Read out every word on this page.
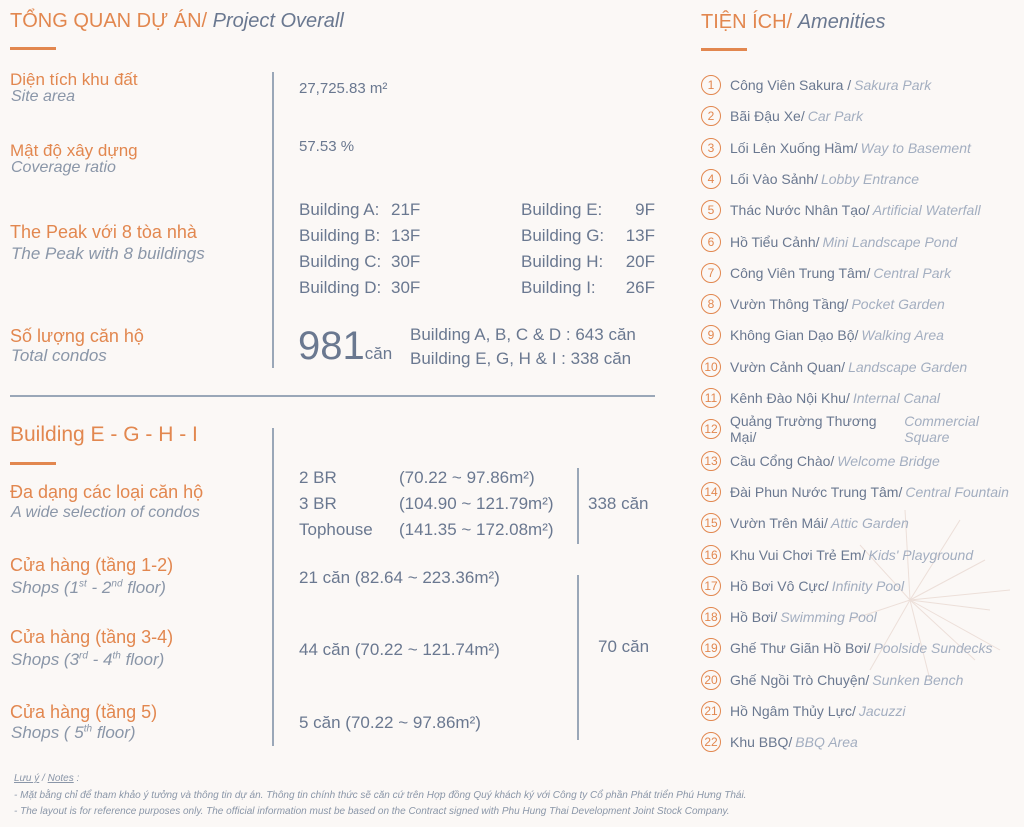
TỔNG QUAN DỰ ÁN/ Project Overall
Diện tích khu đất
Site area	27,725.83 m²
Mật độ xây dựng
Coverage ratio
57.53 %
The Peak với 8 tòa nhà
The Peak with 8 buildings
Building A: 21F
Building B: 13F
Building C: 30F
Building D: 30F
Building E:	9F
Building G:	13F
Building H:	20F
Building I:	26F
Số lượng căn hộ
Total condos	981căn
Building A, B, C & D : 643 căn
Building E, G, H & I : 338 căn
Building E - G - H - I
Đa dạng các loại căn hộ
A wide selection of condos
2 BR	(70.22 ~ 97.86m²)
3 BR	(104.90 ~ 121.79m²)
Tophouse	(141.35 ~ 172.08m²)
338 căn
Cửa hàng (tầng 1-2)
Shops (1st - 2nd floor)
21 căn (82.64 ~ 223.36m²)
Cửa hàng (tầng 3-4)
Shops (3rd - 4th floor)
44 căn (70.22 ~ 121.74m²)
Cửa hàng (tầng 5)
Shops ( 5th floor)
5 căn (70.22 ~ 97.86m²)
70 căn
Lưu ý / Notes :
- Mặt bằng chỉ để tham khảo ý tưởng và thông tin dự án. Thông tin chính thức sẽ căn cứ trên Hợp đồng Quý khách ký với Công ty Cổ phần Phát triển Phú Hưng Thái.
- The layout is for reference purposes only. The official information must be based on the Contract signed with Phu Hung Thai Development Joint Stock Company.
TIỆN ÍCH/ Amenities
1	Công Viên Sakura / Sakura Park
2	Bãi Đậu Xe/ Car Park
3	Lối Lên Xuống Hầm/ Way to Basement
4	Lối Vào Sảnh/ Lobby Entrance
5	Thác Nước Nhân Tạo/ Artificial Waterfall
6	Hồ Tiểu Cảnh/ Mini Landscape Pond
7	Công Viên Trung Tâm/ Central Park
8	Vườn Thông Tầng/ Pocket Garden
9	Không Gian Dạo Bộ/ Walking Area
10 Vườn Cảnh Quan/ Landscape Garden
11 Kênh Đào Nội Khu/ Internal Canal
12 Quảng Trường Thương Mại/
Commercial Square
13 Cầu Cổng Chào/ Welcome Bridge
14 Đài Phun Nước Trung Tâm/ Central Fountain
15 Vườn Trên Mái/ Attic Garden
16 Khu Vui Chơi Trẻ Em/ Kids' Playground
17 Hồ Bơi Vô Cực/ Infinity Pool
18 Hồ Bơi/ Swimming Pool
19 Ghế Thư Giãn Hồ Bơi/ Poolside Sundecks
20 Ghế Ngồi Trò Chuyện/ Sunken Bench
21 Hồ Ngâm Thủy Lực/ Jacuzzi
22 Khu BBQ/ BBQ Area
